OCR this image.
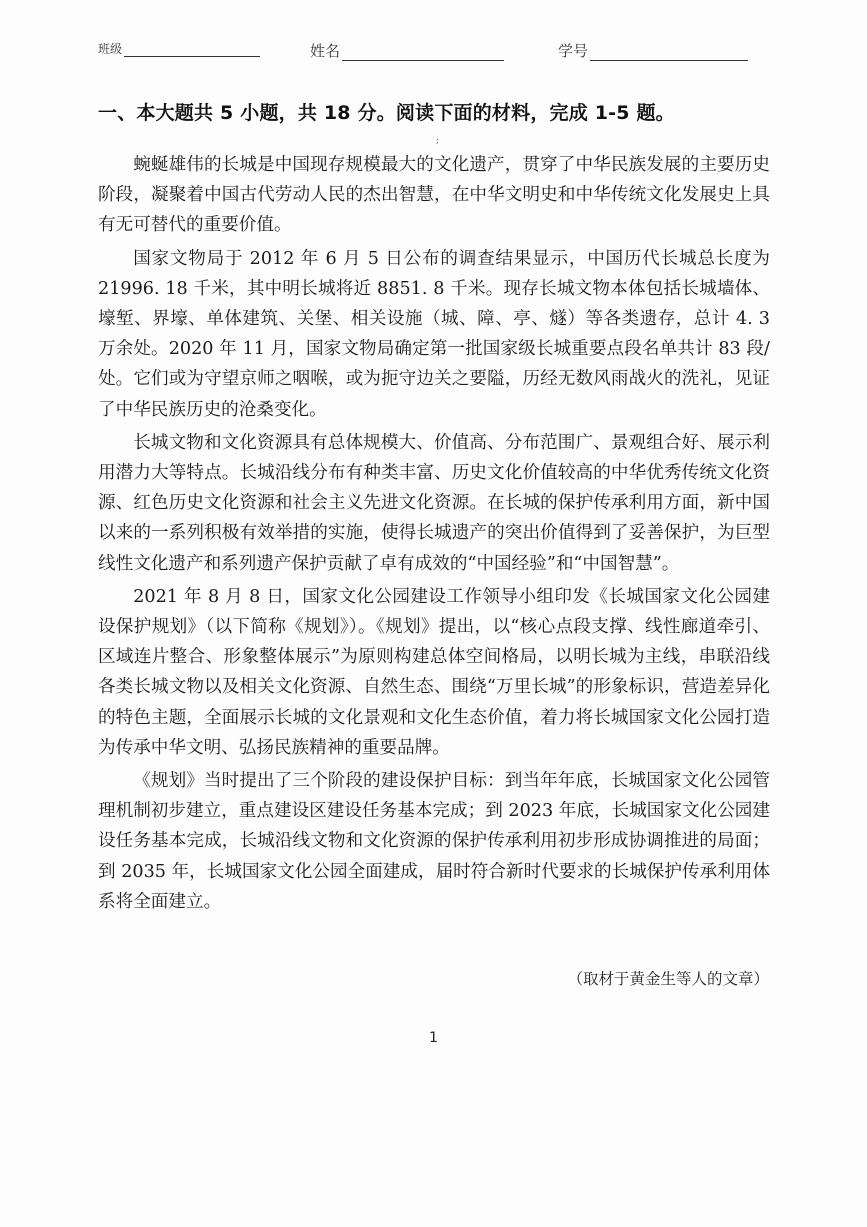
班级	姓名	学号
一、本大题共 5 小题，共 18 分。阅读下面的材料，完成 1-5 题。
;

蜿蜒雄伟的长城是中国现存规模最大的文化遗产，贯穿了中华民族发展的主要历史阶段，凝聚着中国古代劳动人民的杰出智慧，在中华文明史和中华传统文化发展史上具有无可替代的重要价值。

国家文物局于 2012 年 6 月 5 日公布的调查结果显示，中国历代长城总长度为 21996. 18 千米，其中明长城将近 8851. 8 千米。现存长城文物本体包括长城墙体、壕堑、界壕、单体建筑、关堡、相关设施（城、障、亭、燧）等各类遗存，总计 4. 3 万余处。2020 年 11 月，国家文物局确定第一批国家级长城重要点段名单共计 83 段/处。它们或为守望京师之咽喉，或为扼守边关之要隘，历经无数风雨战火的洗礼，见证了中华民族历史的沧桑变化。

长城文物和文化资源具有总体规模大、价值高、分布范围广、景观组合好、展示利用潜力大等特点。长城沿线分布有种类丰富、历史文化价值较高的中华优秀传统文化资源、红色历史文化资源和社会主义先进文化资源。在长城的保护传承利用方面，新中国以来的一系列积极有效举措的实施，使得长城遗产的突出价值得到了妥善保护，为巨型线性文化遗产和系列遗产保护贡献了卓有成效的“中国经验”和“中国智慧”。

2021 年 8 月 8 日，国家文化公园建设工作领导小组印发《长城国家文化公园建设保护规划》（以下简称《规划》）。《规划》提出，以“核心点段支撑、线性廊道牵引、区域连片整合、形象整体展示”为原则构建总体空间格局，以明长城为主线，串联沿线各类长城文物以及相关文化资源、自然生态、围绕“万里长城”的形象标识，营造差异化的特色主题，全面展示长城的文化景观和文化生态价值，着力将长城国家文化公园打造为传承中华文明、弘扬民族精神的重要品牌。

《规划》当时提出了三个阶段的建设保护目标：到当年年底，长城国家文化公园管理机制初步建立，重点建设区建设任务基本完成；到 2023 年底，长城国家文化公园建设任务基本完成，长城沿线文物和文化资源的保护传承利用初步形成协调推进的局面；到 2035 年，长城国家文化公园全面建成，届时符合新时代要求的长城保护传承利用体系将全面建立。

（取材于黄金生等人的文章）
1
